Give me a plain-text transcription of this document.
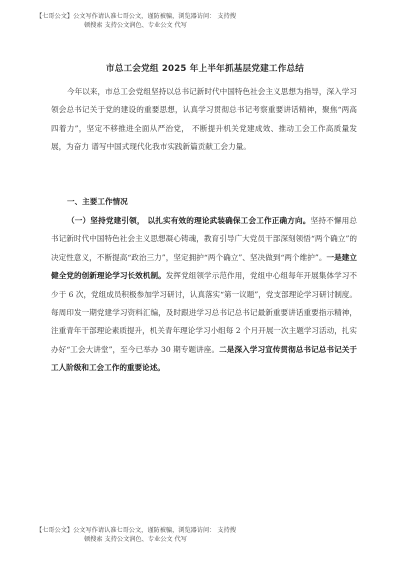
【七哥公文】公文写作请认准七哥公文，谨防被骗，浏览器访问： 支持搜
顿搜索 支持公文润色、专业公文 代写
市总工会党组 2025 年上半年抓基层党建工作总结

今年以来，市总工会党组坚持以总书记新时代中国特色社会主义思想为指导，深入学习领会总书记关于党的建设的重要思想，认真学习贯彻总书记考察重要讲话精神，聚焦“两高四着力”，坚定不移推进全面从严治党， 不断提升机关党建成效、推动工会工作高质量发展，为奋力 谱写中国式现代化我市实践新篇贡献工会力量。

一、主要工作情况

（一）坚持党建引领， 以扎实有效的理论武装确保工会工作正确方向。坚持不懈用总书记新时代中国特色社会主义思想凝心铸魂，教育引导广大党员干部深刻领悟“两个确立”的决定性意义，不断提高“政治三力”，坚定拥护“两个确立”、坚决做到“两个维护”。一是建立健全党的创新理论学习长效机制。发挥党组领学示范作用，党组中心组每年开展集体学习不少于 6 次，党组成员积极参加学习研讨，认真落实“第一议题”，党支部理论学习研讨制度。每周印发一期党建学习资料汇编，及时跟进学习总书记总书记最新重要讲话重要指示精神，注重青年干部理论素质提升，机关青年理论学习小组每 2 个月开展一次主题学习活动，扎实办好“工会大讲堂”，至今已举办 30 期专题讲座。二是深入学习宣传贯彻总书记总书记关于工人阶级和工会工作的重要论述。

【七哥公文】公文写作请认准七哥公文，谨防被骗，浏览器访问： 支持搜
顿搜索 支持公文润色、专业公文 代写
